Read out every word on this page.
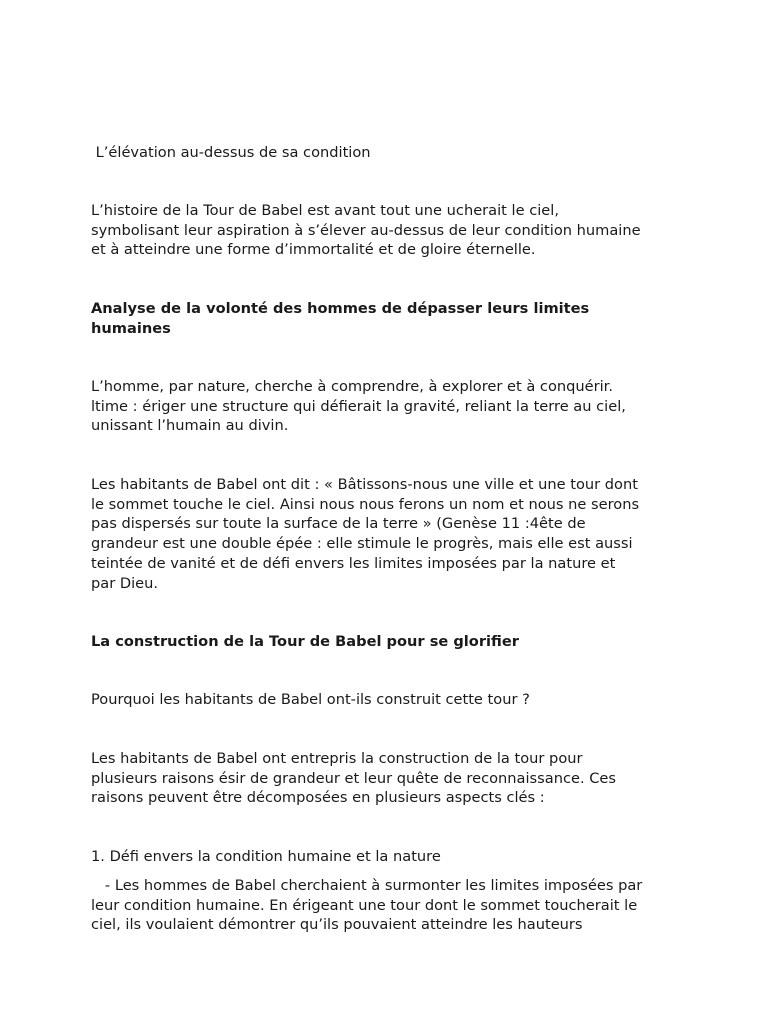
L’élévation au-dessus de sa condition

L’histoire de la Tour de Babel est avant tout une ucherait le ciel,
symbolisant leur aspiration à s’élever au-dessus de leur condition humaine
et à atteindre une forme d’immortalité et de gloire éternelle.

Analyse de la volonté des hommes de dépasser leurs limites
humaines

L’homme, par nature, cherche à comprendre, à explorer et à conquérir.
ltime : ériger une structure qui défierait la gravité, reliant la terre au ciel,
unissant l’humain au divin.

Les habitants de Babel ont dit : « Bâtissons-nous une ville et une tour dont
le sommet touche le ciel. Ainsi nous nous ferons un nom et nous ne serons
pas dispersés sur toute la surface de la terre » (Genèse 11 :4ête de
grandeur est une double épée : elle stimule le progrès, mais elle est aussi
teintée de vanité et de défi envers les limites imposées par la nature et
par Dieu.

La construction de la Tour de Babel pour se glorifier

Pourquoi les habitants de Babel ont-ils construit cette tour ?

Les habitants de Babel ont entrepris la construction de la tour pour
plusieurs raisons ésir de grandeur et leur quête de reconnaissance. Ces
raisons peuvent être décomposées en plusieurs aspects clés :

1. Défi envers la condition humaine et la nature

- Les hommes de Babel cherchaient à surmonter les limites imposées par
leur condition humaine. En érigeant une tour dont le sommet toucherait le
ciel, ils voulaient démontrer qu’ils pouvaient atteindre les hauteurs
